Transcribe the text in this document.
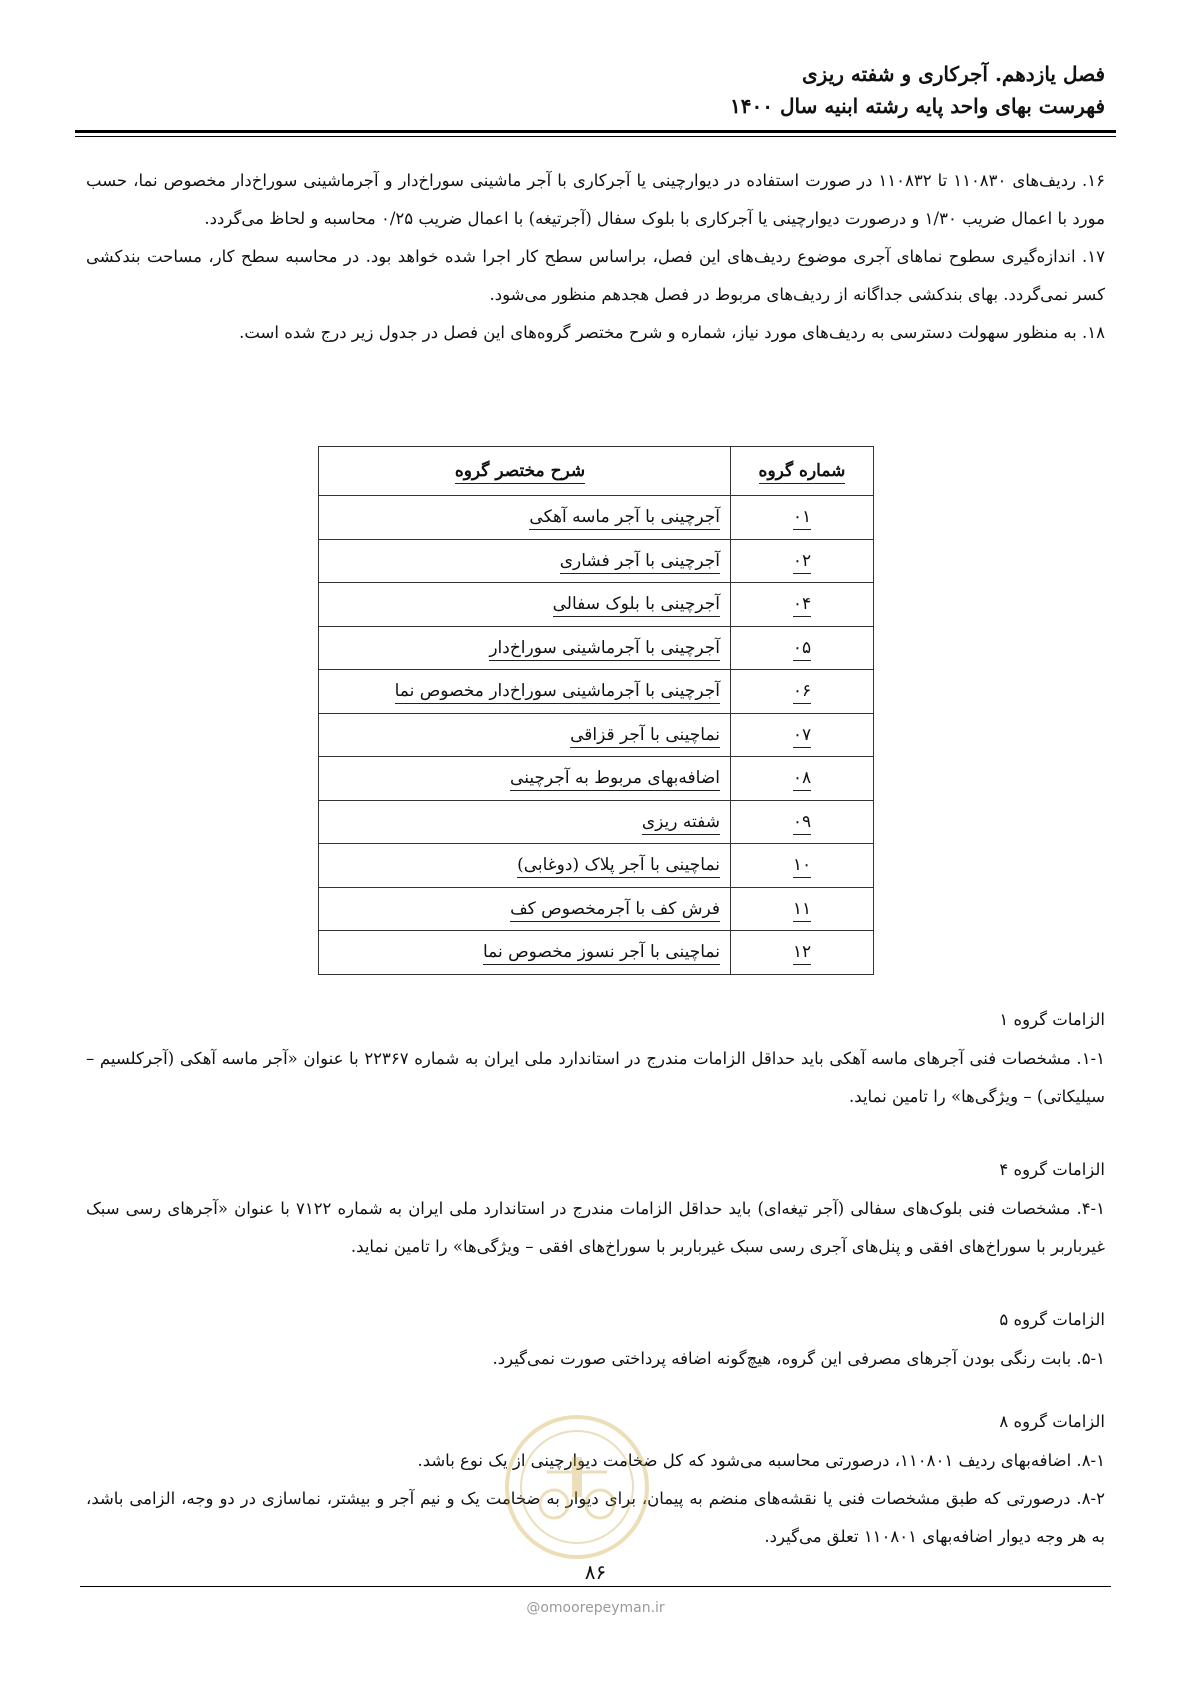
فصل یازدهم. آجرکاری و شفته ریزی
فهرست بهای واحد پایه رشته ابنیه سال ۱۴۰۰

۱۶. ردیف‌های ۱۱۰۸۳۰ تا ۱۱۰۸۳۲ در صورت استفاده در دیوارچینی یا آجرکاری با آجر ماشینی سوراخ‌دار و آجرماشینی سوراخ‌دار مخصوص نما، حسب مورد با اعمال ضریب ۱/۳۰ و درصورت دیوارچینی یا آجرکاری با بلوک سفال (آجرتیغه) با اعمال ضریب ۰/۲۵ محاسبه و لحاظ می‌گردد.

۱۷. اندازه‌گیری سطوح نماهای آجری موضوع ردیف‌های این فصل، براساس سطح کار اجرا شده خواهد بود. در محاسبه سطح کار، مساحت بندکشی کسر نمی‌گردد. بهای بندکشی جداگانه از ردیف‌های مربوط در فصل هجدهم منظور می‌شود.

۱۸. به منظور سهولت دسترسی به ردیف‌های مورد نیاز، شماره و شرح مختصر گروه‌های این فصل در جدول زیر درج شده است.

شماره گروه	شرح مختصر گروه
۰۱	آجرچینی با آجر ماسه آهکی
۰۲	آجرچینی با آجر فشاری
۰۴	آجرچینی با بلوک سفالی
۰۵	آجرچینی با آجرماشینی سوراخ‌دار
۰۶	آجرچینی با آجرماشینی سوراخ‌دار مخصوص نما
۰۷	نماچینی با آجر قزاقی
۰۸	اضافه‌بهای مربوط به آجرچینی
۰۹	شفته ریزی
۱۰	نماچینی با آجر پلاک (دوغابی)
۱۱	فرش کف با آجرمخصوص کف
۱۲	نماچینی با آجر نسوز مخصوص نما
الزامات گروه ۱
۱-۱. مشخصات فنی آجرهای ماسه آهکی باید حداقل الزامات مندرج در استاندارد ملی ایران به شماره ۲۲۳۶۷ با عنوان «آجر ماسه آهکی (آجرکلسیم – سیلیکاتی) – ویژگی‌ها» را تامین نماید.
الزامات گروه ۴
۴-۱. مشخصات فنی بلوک‌های سفالی (آجر تیغه‌ای) باید حداقل الزامات مندرج در استاندارد ملی ایران به شماره ۷۱۲۲ با عنوان «آجرهای رسی سبک غیرباربر با سوراخ‌های افقی و پنل‌های آجری رسی سبک غیرباربر با سوراخ‌های افقی – ویژگی‌ها» را تامین نماید.
الزامات گروه ۵
۵-۱. بابت رنگی بودن آجرهای مصرفی این گروه، هیچ‌گونه اضافه پرداختی صورت نمی‌گیرد.
الزامات گروه ۸
۸-۱. اضافه‌بهای ردیف ۱۱۰۸۰۱، درصورتی محاسبه می‌شود که کل ضخامت دیوارچینی از یک نوع باشد.
۸-۲. درصورتی که طبق مشخصات فنی یا نقشه‌های منضم به پیمان، برای دیوار به ضخامت یک و نیم آجر و بیشتر، نماسازی در دو وجه، الزامی باشد، به هر وجه دیوار اضافه‌بهای ۱۱۰۸۰۱ تعلق می‌گیرد.
۸۶
@omoorepeyman.ir
